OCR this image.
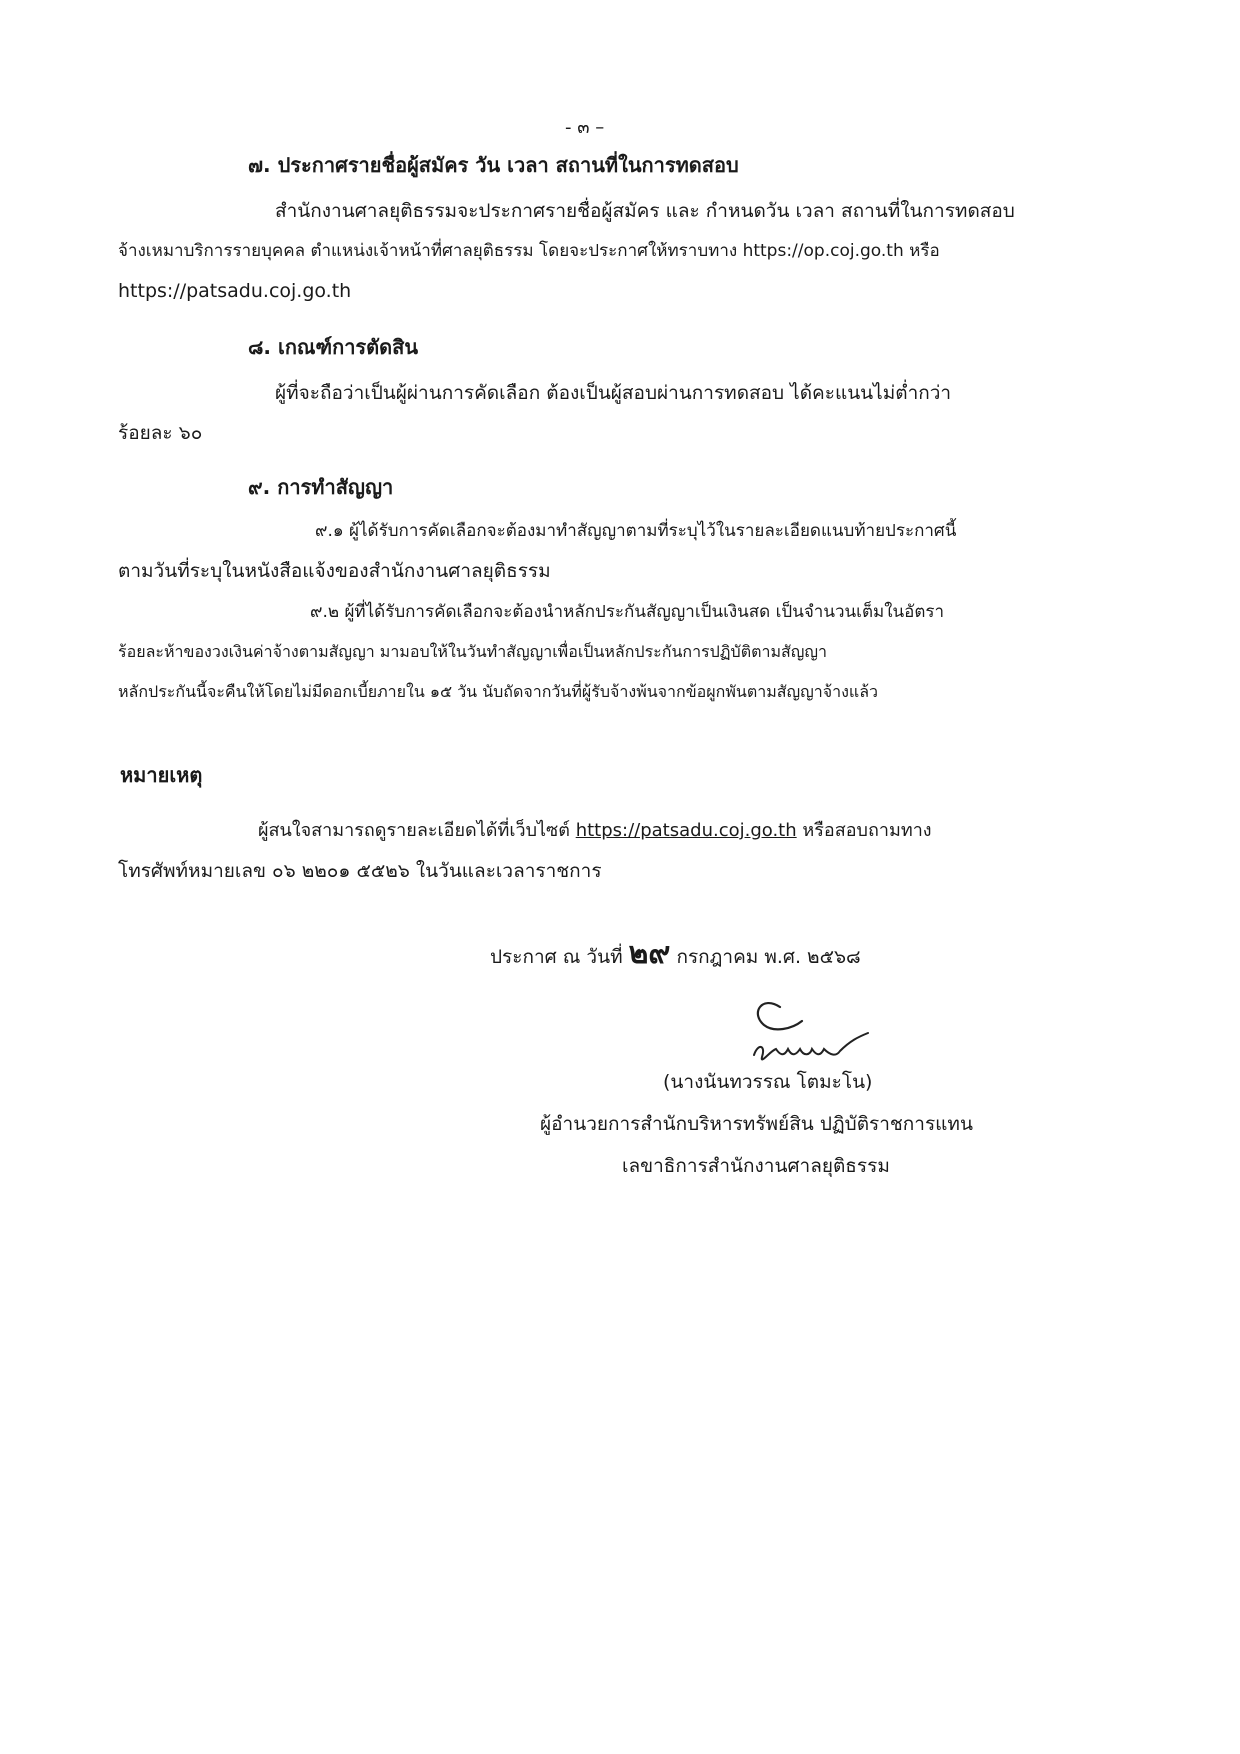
- ๓ –
๗. ประกาศรายชื่อผู้สมัคร วัน เวลา สถานที่ในการทดสอบ
สำนักงานศาลยุติธรรมจะประกาศรายชื่อผู้สมัคร และ กำหนดวัน เวลา สถานที่ในการทดสอบ
จ้างเหมาบริการรายบุคคล ตำแหน่งเจ้าหน้าที่ศาลยุติธรรม โดยจะประกาศให้ทราบทาง https://op.coj.go.th หรือ
https://patsadu.coj.go.th
๘. เกณฑ์การตัดสิน
ผู้ที่จะถือว่าเป็นผู้ผ่านการคัดเลือก ต้องเป็นผู้สอบผ่านการทดสอบ ได้คะแนนไม่ต่ำกว่า
ร้อยละ ๖๐
๙. การทำสัญญา
๙.๑ ผู้ได้รับการคัดเลือกจะต้องมาทำสัญญาตามที่ระบุไว้ในรายละเอียดแนบท้ายประกาศนี้
ตามวันที่ระบุในหนังสือแจ้งของสำนักงานศาลยุติธรรม
๙.๒ ผู้ที่ได้รับการคัดเลือกจะต้องนำหลักประกันสัญญาเป็นเงินสด เป็นจำนวนเต็มในอัตรา
ร้อยละห้าของวงเงินค่าจ้างตามสัญญา มามอบให้ในวันทำสัญญาเพื่อเป็นหลักประกันการปฏิบัติตามสัญญา
หลักประกันนี้จะคืนให้โดยไม่มีดอกเบี้ยภายใน ๑๕ วัน นับถัดจากวันที่ผู้รับจ้างพ้นจากข้อผูกพันตามสัญญาจ้างแล้ว
หมายเหตุ
ผู้สนใจสามารถดูรายละเอียดได้ที่เว็บไซต์ https://patsadu.coj.go.th หรือสอบถามทาง
โทรศัพท์หมายเลข ๐๖ ๒๒๐๑ ๕๕๒๖ ในวันและเวลาราชการ
ประกาศ ณ วันที่ ๒๙ กรกฎาคม พ.ศ. ๒๕๖๘
(นางนันทวรรณ โตมะโน)
ผู้อำนวยการสำนักบริหารทรัพย์สิน ปฏิบัติราชการแทน
เลขาธิการสำนักงานศาลยุติธรรม
